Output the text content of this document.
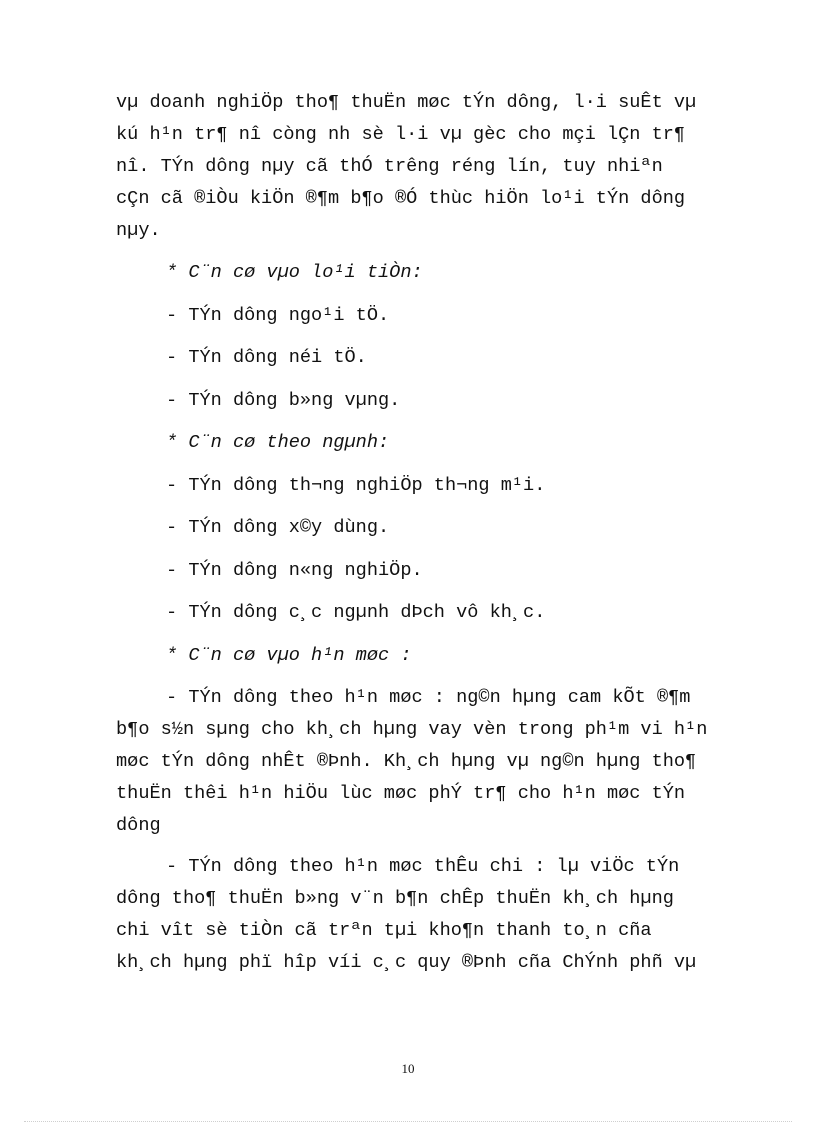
vµ doanh nghiÖp tho¶ thuËn møc tÝn dông, l·i suÊt vµ
kú h¹n tr¶ nî còng nh sè l·i vµ gèc cho mçi lÇn tr¶
nî. TÝn dông nµy cã thÓ trêng réng lín, tuy nhiªn
cÇn cã ®iÒu kiÖn ®¶m b¶o ®Ó thùc hiÖn lo¹i tÝn dông
nµy.
* C¨n cø vµo lo¹i tiÒn:
- TÝn dông ngo¹i tÖ.
- TÝn dông néi tÖ.
- TÝn dông b»ng vµng.
* C¨n cø theo ngµnh:
- TÝn dông th¬ng nghiÖp th¬ng m¹i.
- TÝn dông x©y dùng.
- TÝn dông n«ng nghiÖp.
- TÝn dông c¸c ngµnh dÞch vô kh¸c.
* C¨n cø vµo h¹n møc :
- TÝn dông theo h¹n møc : ng©n hµng cam kÕt ®¶m
b¶o s½n sµng cho kh¸ch hµng vay vèn trong ph¹m vi h¹n
møc tÝn dông nhÊt ®Þnh. Kh¸ch hµng vµ ng©n hµng tho¶
thuËn thêi h¹n hiÖu lùc møc phÝ tr¶ cho h¹n møc tÝn
dông
- TÝn dông theo h¹n møc thÊu chi : lµ viÖc tÝn
dông tho¶ thuËn b»ng v¨n b¶n chÊp thuËn kh¸ch hµng
chi vît sè tiÒn cã trªn tµi kho¶n thanh to¸n cña
kh¸ch hµng phï hîp víi c¸c quy ®Þnh cña ChÝnh phñ vµ
10
